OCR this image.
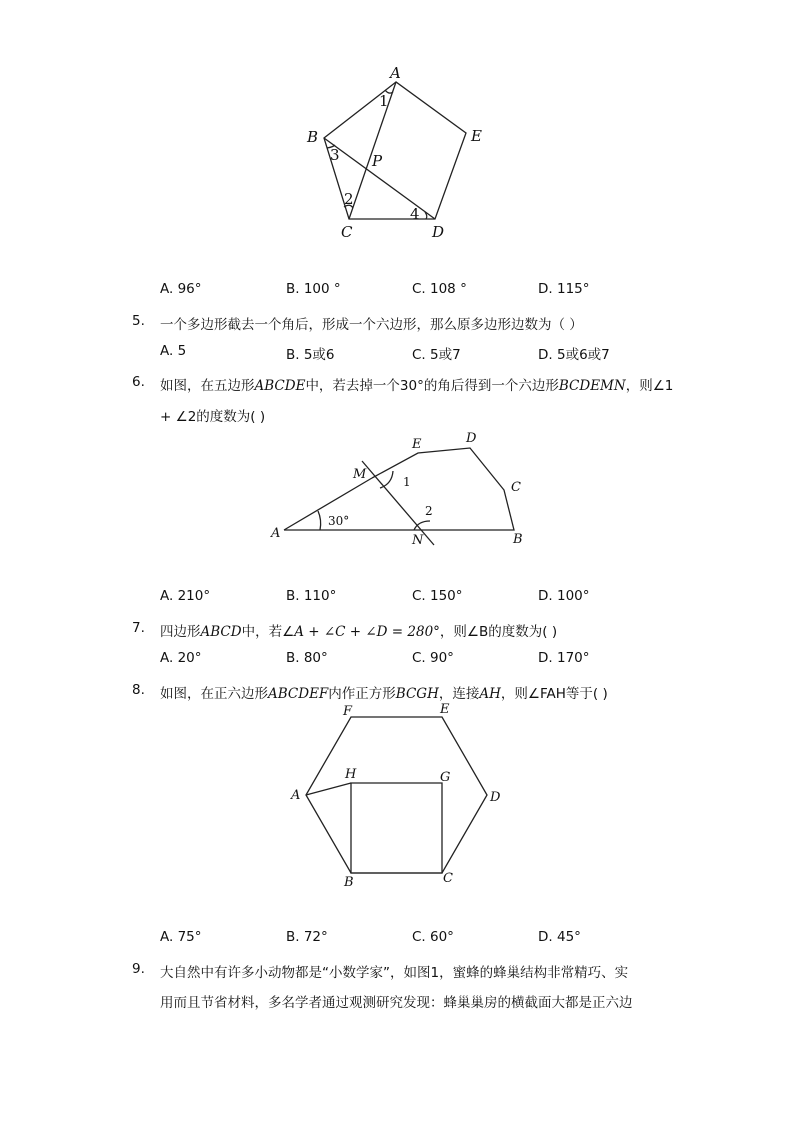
A
B
C	D
E
P
1
2
3
4
A. 96°	B. 100 °	C. 108 °	D. 115°
5. 一个多边形截去一个角后，形成一个六边形，那么原多边形边数为（ ）
A. 5	B. 5或6	C. 5或7	D. 5或6或7
6. 如图，在五边形ABCDE中，若去掉一个30°的角后得到一个六边形BCDEMN，则∠1
+ ∠2的度数为( )
A	B
C
D
E
M
N
30°
1
2
A. 210°	B. 110°	C. 150°	D. 100°
7. 四边形ABCD中，若∠A + ∠C + ∠D = 280°，则∠B的度数为( )
A. 20°	B. 80°	C. 90°	D. 170°
8. 如图，在正六边形ABCDEF内作正方形BCGH，连接AH，则∠FAH等于( )
A
B	C
D
E
F
G
H
A. 75°	B. 72°	C. 60°	D. 45°
9. 大自然中有许多小动物都是“小数学家”，如图1，蜜蜂的蜂巢结构非常精巧、实
用而且节省材料，多名学者通过观测研究发现：蜂巢巢房的横截面大都是正六边
